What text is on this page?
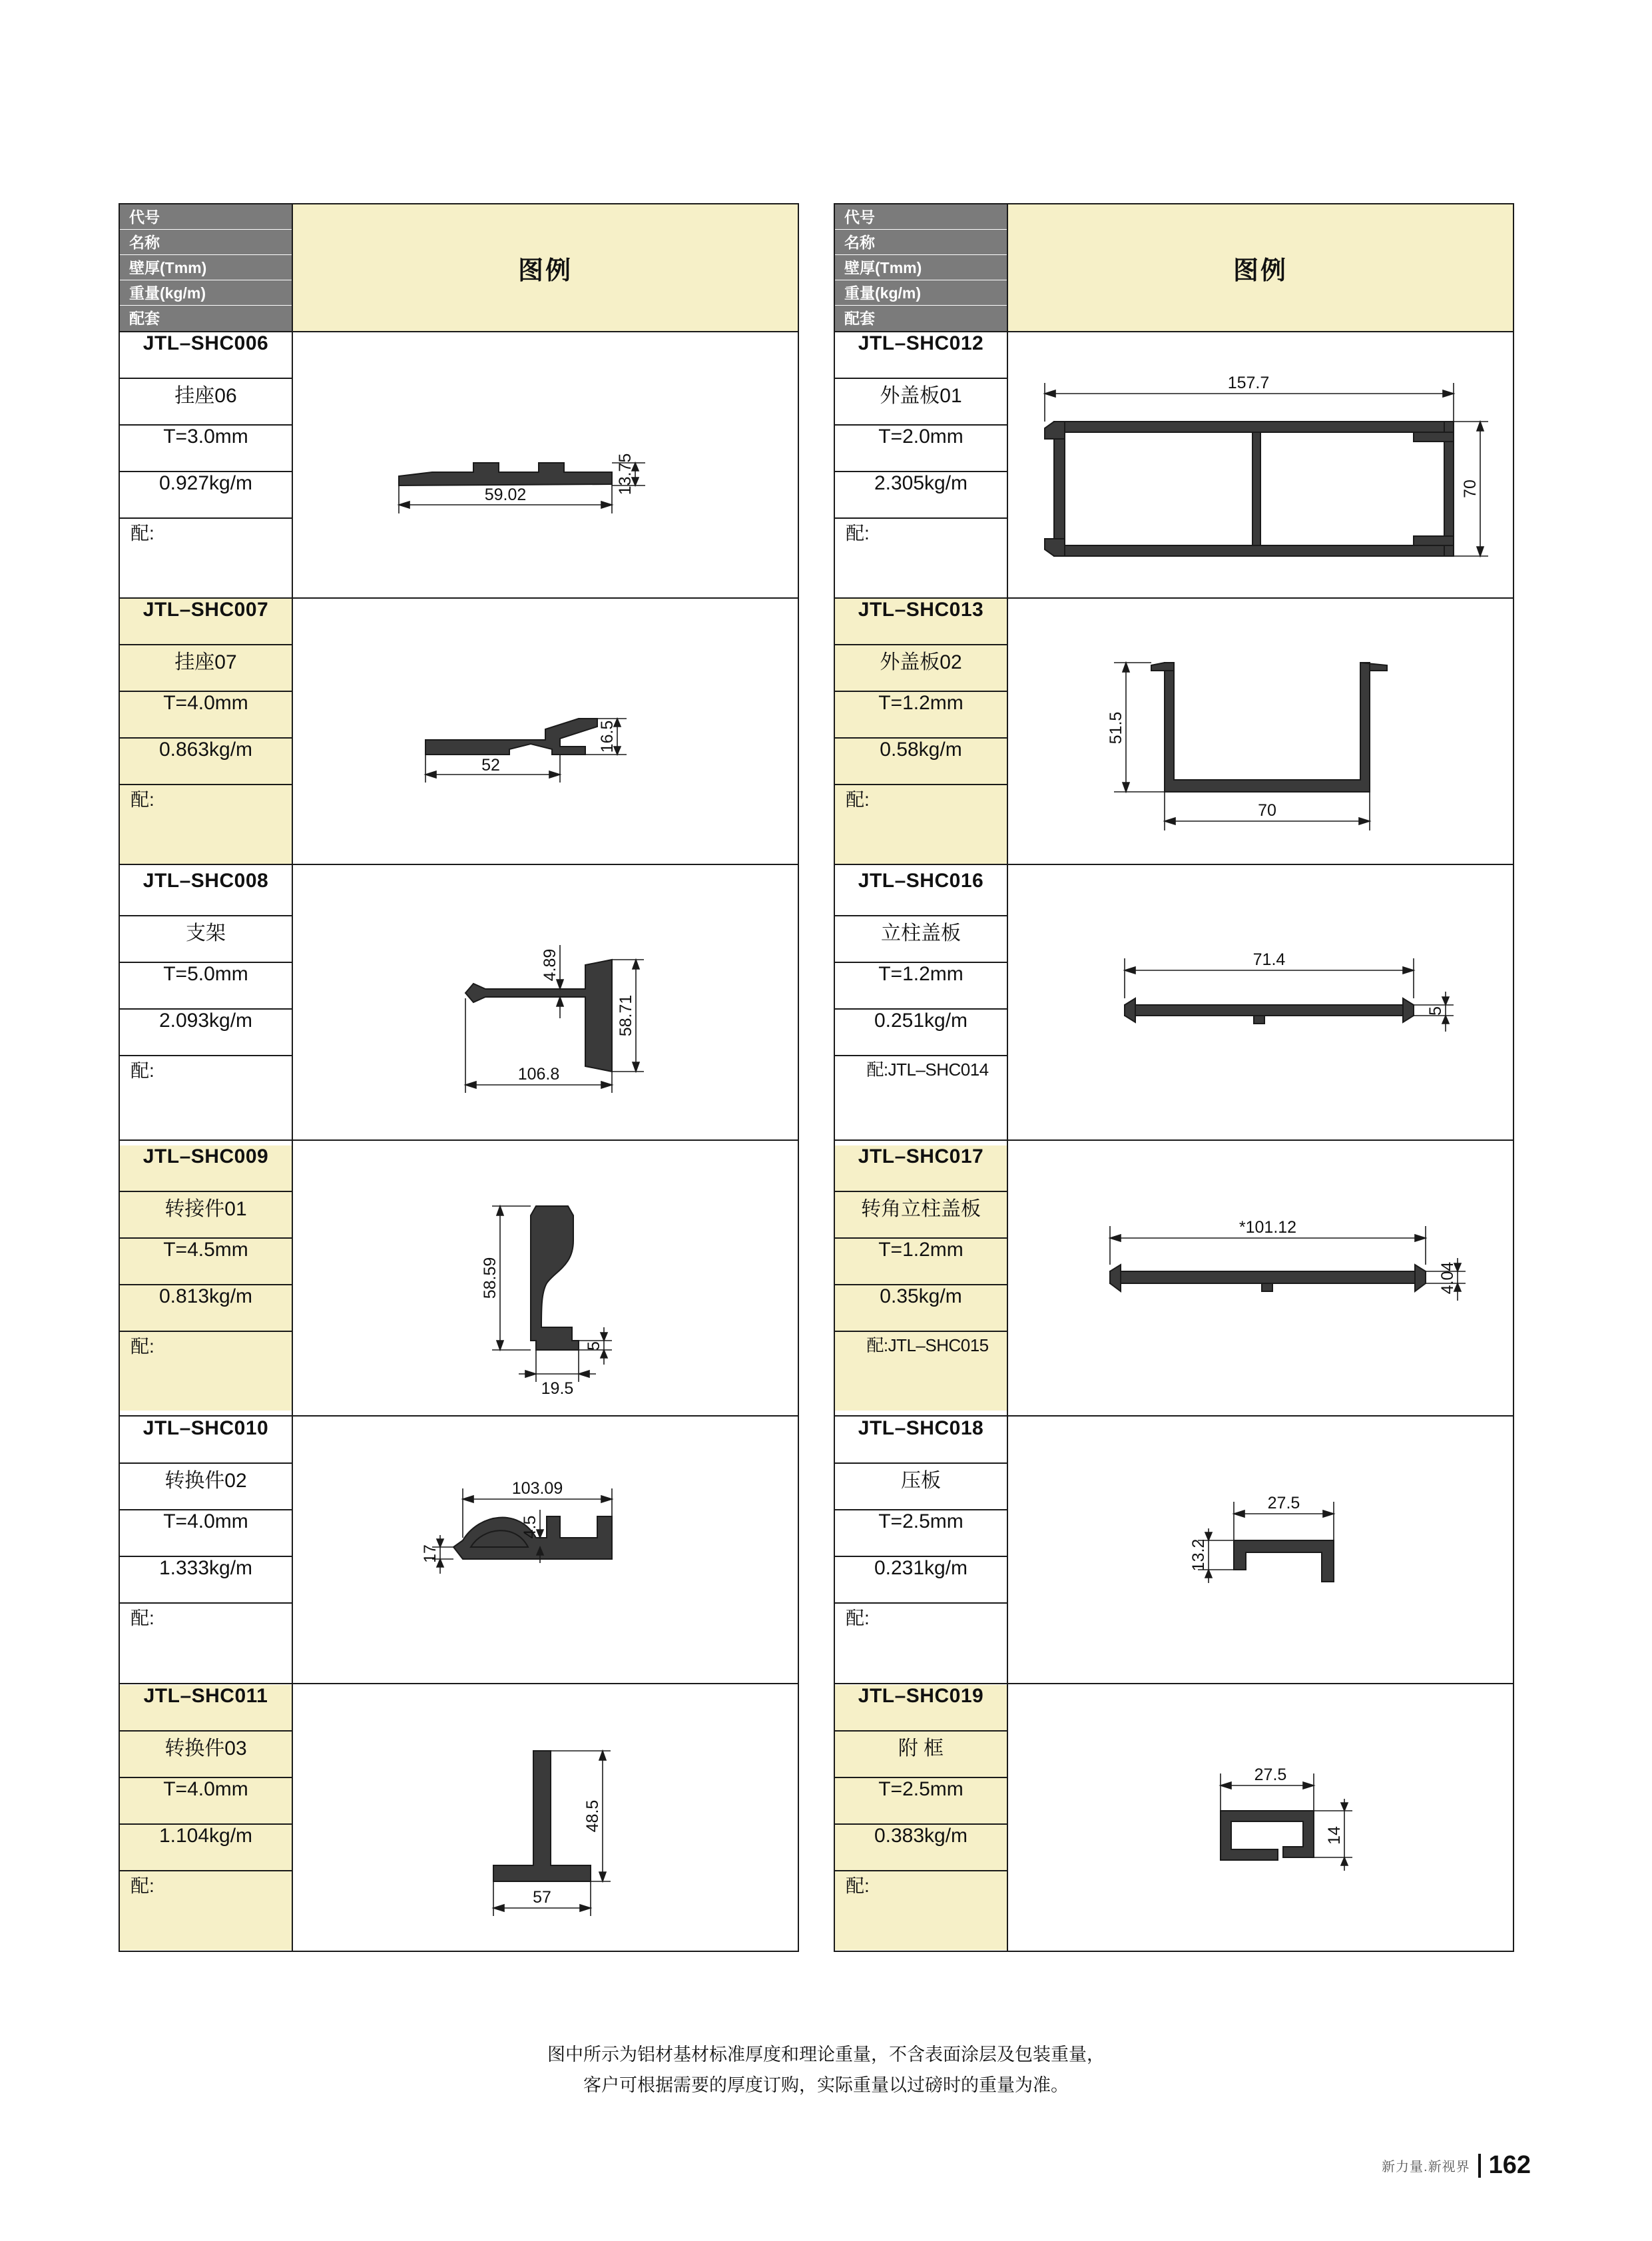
代号
名称
壁厚(Tmm)
重量(kg/m)
配套	图例

JTL–SHC006
挂座06
T=3.0mm
0.927kg/m
配:

59.02	13.75

JTL–SHC007
挂座07
T=4.0mm
0.863kg/m
配:

52
16.5

JTL–SHC008
支架
T=5.0mm
2.093kg/m
配:	106.8
58.71
4.89

JTL–SHC009
转接件01
T=4.5mm
0.813kg/m
配:

58.59
19.5
5

JTL–SHC010
转换件02
T=4.0mm
1.333kg/m
配:

103.09
17
4.5

JTL–SHC011
转换件03
T=4.0mm
1.104kg/m
配:

48.5
57
代号
名称
壁厚(Tmm)
重量(kg/m)
配套	图例

JTL–SHC012
外盖板01
T=2.0mm
2.305kg/m
配:

157.7
70

JTL–SHC013
外盖板02
T=1.2mm
0.58kg/m
配:

51.5
70

JTL–SHC016
立柱盖板
T=1.2mm
0.251kg/m
配:JTL–SHC014

71.4
5

JTL–SHC017
转角立柱盖板
T=1.2mm
0.35kg/m
配:JTL–SHC015

*101.12
4.04

JTL–SHC018
压板
T=2.5mm
0.231kg/m
配:

27.5
13.2

JTL–SHC019
附 框
T=2.5mm
0.383kg/m
配:

27.5
14
图中所示为铝材基材标准厚度和理论重量，不含表面涂层及包装重量，
客户可根据需要的厚度订购，实际重量以过磅时的重量为准。
新力量.新视界 162
